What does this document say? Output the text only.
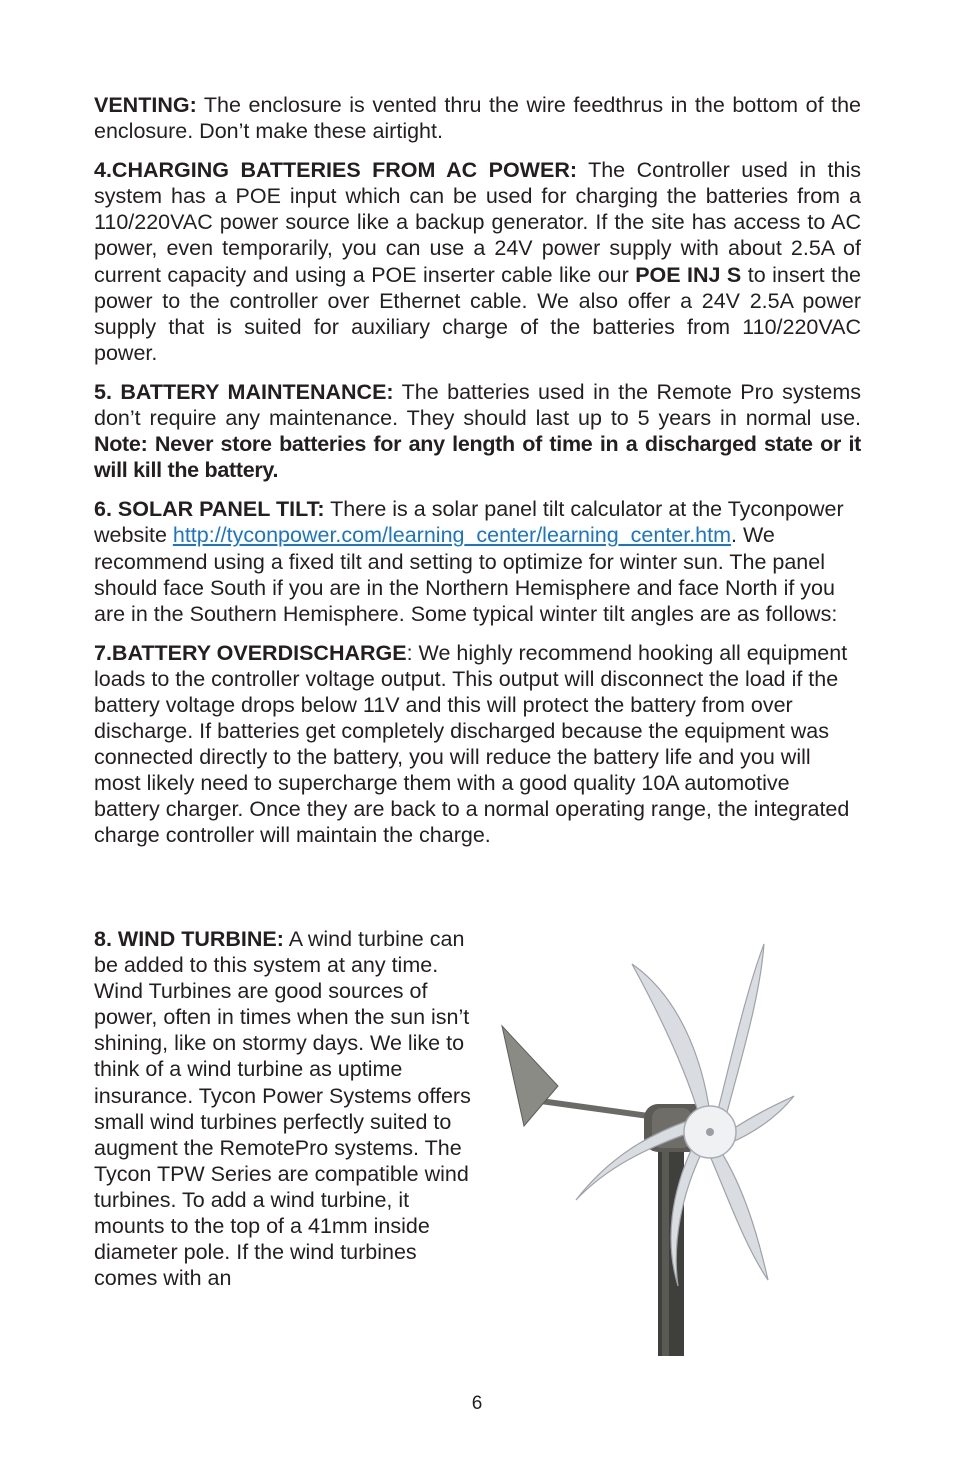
VENTING: The enclosure is vented thru the wire feedthrus in the bottom of the enclosure. Don’t make these airtight.

4.CHARGING BATTERIES FROM AC POWER: The Controller used in this system has a POE input which can be used for charging the batteries from a 110/220VAC power source like a backup generator. If the site has access to AC power, even temporarily, you can use a 24V power supply with about 2.5A of current capacity and using a POE inserter cable like our POE INJ S to insert the power to the controller over Ethernet cable. We also offer a 24V 2.5A power supply that is suited for auxiliary charge of the batteries from 110/220VAC power.

5. BATTERY MAINTENANCE: The batteries used in the Remote Pro systems don’t require any maintenance. They should last up to 5 years in normal use. Note: Never store batteries for any length of time in a discharged state or it will kill the battery.

6. SOLAR PANEL TILT: There is a solar panel tilt calculator at the Tyconpower website http://tyconpower.com/learning_center/learning_center.htm. We recommend using a fixed tilt and setting to optimize for winter sun. The panel should face South if you are in the Northern Hemisphere and face North if you are in the Southern Hemisphere. Some typical winter tilt angles are as follows:

7.BATTERY OVERDISCHARGE: We highly recommend hooking all equipment loads to the controller voltage output. This output will disconnect the load if the battery voltage drops below 11V and this will protect the battery from over discharge. If batteries get completely discharged because the equipment was connected directly to the battery, you will reduce the battery life and you will most likely need to supercharge them with a good quality 10A automotive battery charger. Once they are back to a normal operating range, the integrated charge controller will maintain the charge.

8. WIND TURBINE: A wind turbine can be added to this system at any time. Wind Turbines are good sources of power, often in times when the sun isn’t shining, like on stormy days. We like to think of a wind turbine as uptime insurance. Tycon Power Systems offers small wind turbines perfectly suited to augment the RemotePro systems. The Tycon TPW Series are compatible wind turbines. To add a wind turbine, it mounts to the top of a 41mm inside diameter pole. If the wind turbines comes with an
6
